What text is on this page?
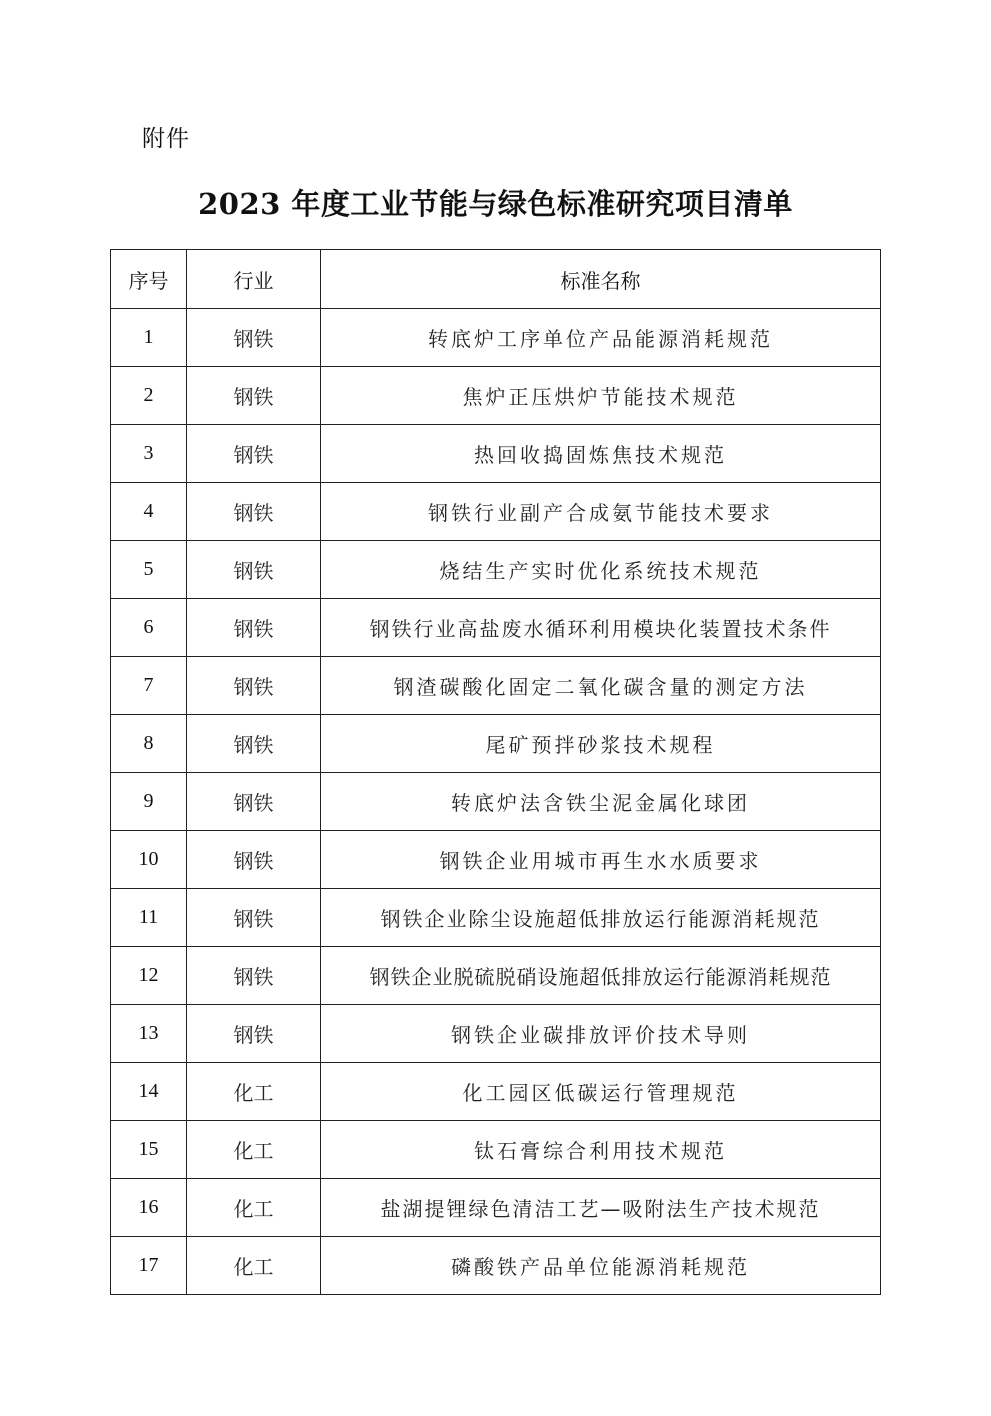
附件
2023 年度工业节能与绿色标准研究项目清单
序号	行业	标准名称
1	钢铁	转底炉工序单位产品能源消耗规范
2	钢铁	焦炉正压烘炉节能技术规范
3	钢铁	热回收捣固炼焦技术规范
4	钢铁	钢铁行业副产合成氨节能技术要求
5	钢铁	烧结生产实时优化系统技术规范
6	钢铁	钢铁行业高盐废水循环利用模块化装置技术条件
7	钢铁	钢渣碳酸化固定二氧化碳含量的测定方法
8	钢铁	尾矿预拌砂浆技术规程
9	钢铁	转底炉法含铁尘泥金属化球团
10	钢铁	钢铁企业用城市再生水水质要求
11	钢铁	钢铁企业除尘设施超低排放运行能源消耗规范
12	钢铁	钢铁企业脱硫脱硝设施超低排放运行能源消耗规范
13	钢铁	钢铁企业碳排放评价技术导则
14	化工	化工园区低碳运行管理规范
15	化工	钛石膏综合利用技术规范
16	化工	盐湖提锂绿色清洁工艺—吸附法生产技术规范
17	化工	磷酸铁产品单位能源消耗规范
